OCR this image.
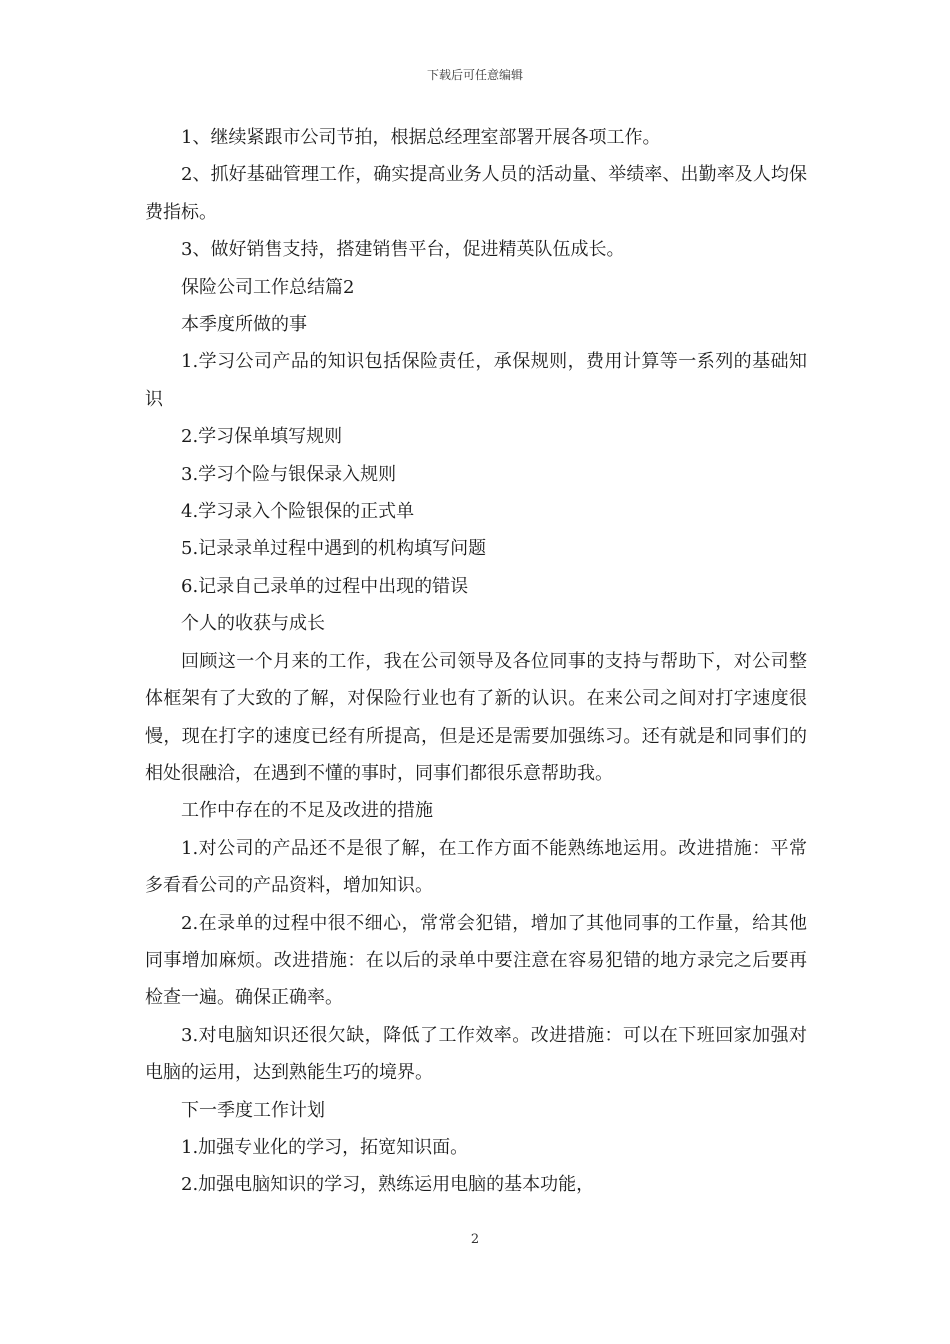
下载后可任意编辑

1、继续紧跟市公司节拍，根据总经理室部署开展各项工作。

2、抓好基础管理工作，确实提高业务人员的活动量、举绩率、出勤率及人均保费指标。

3、做好销售支持，搭建销售平台，促进精英队伍成长。

保险公司工作总结篇2

本季度所做的事

1.学习公司产品的知识包括保险责任，承保规则，费用计算等一系列的基础知识

2.学习保单填写规则

3.学习个险与银保录入规则

4.学习录入个险银保的正式单

5.记录录单过程中遇到的机构填写问题

6.记录自己录单的过程中出现的错误

个人的收获与成长

回顾这一个月来的工作，我在公司领导及各位同事的支持与帮助下，对公司整体框架有了大致的了解，对保险行业也有了新的认识。在来公司之间对打字速度很慢，现在打字的速度已经有所提高，但是还是需要加强练习。还有就是和同事们的相处很融洽，在遇到不懂的事时，同事们都很乐意帮助我。

工作中存在的不足及改进的措施

1.对公司的产品还不是很了解，在工作方面不能熟练地运用。改进措施：平常多看看公司的产品资料，增加知识。

2.在录单的过程中很不细心，常常会犯错，增加了其他同事的工作量，给其他同事增加麻烦。改进措施：在以后的录单中要注意在容易犯错的地方录完之后要再检查一遍。确保正确率。

3.对电脑知识还很欠缺，降低了工作效率。改进措施：可以在下班回家加强对电脑的运用，达到熟能生巧的境界。

下一季度工作计划

1.加强专业化的学习，拓宽知识面。

2.加强电脑知识的学习，熟练运用电脑的基本功能，

2
